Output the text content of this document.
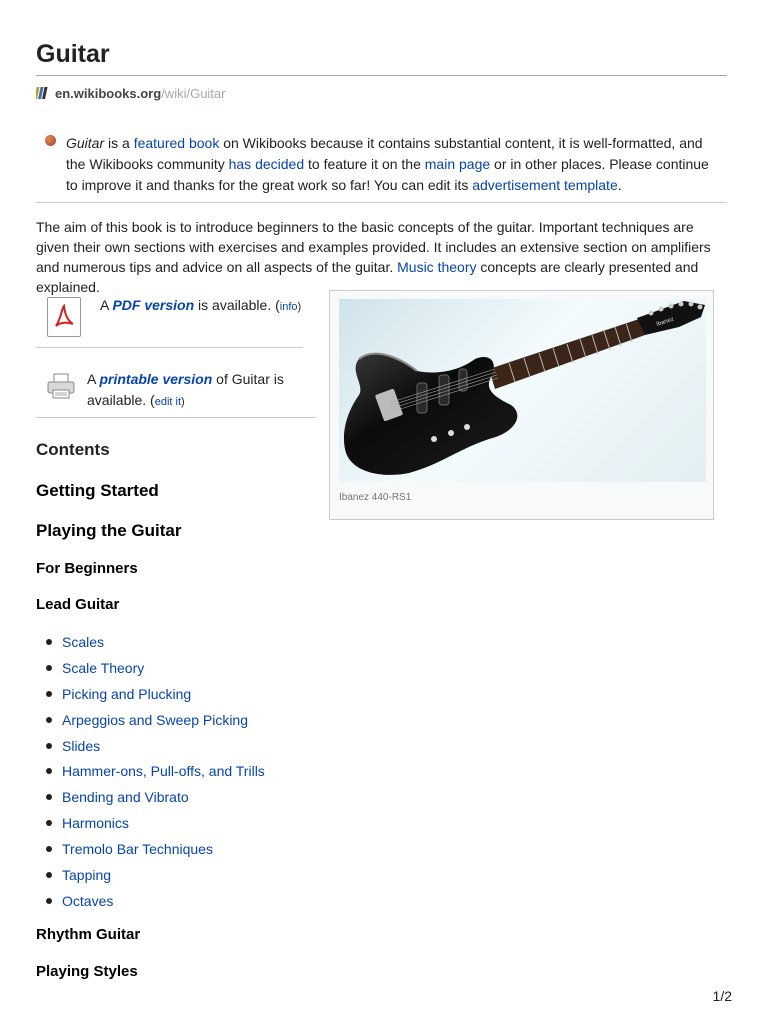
Guitar
en.wikibooks.org /wiki/Guitar
Guitar is a featured book on Wikibooks because it contains substantial content, it is well-formatted, and the Wikibooks community has decided to feature it on the main page or in other places. Please continue to improve it and thanks for the great work so far! You can edit its advertisement template.
The aim of this book is to introduce beginners to the basic concepts of the guitar. Important techniques are given their own sections with exercises and examples provided. It includes an extensive section on amplifiers and numerous tips and advice on all aspects of the guitar. Music theory concepts are clearly presented and explained.
A PDF version is available. (info)
A printable version of Guitar is available. (edit it)
Ibanez
Ibanez 440-RS1
Contents
Getting Started
Playing the Guitar
For Beginners
Lead Guitar
Scales
Scale Theory
Picking and Plucking
Arpeggios and Sweep Picking
Slides
Hammer-ons, Pull-offs, and Trills
Bending and Vibrato
Harmonics
Tremolo Bar Techniques
Tapping
Octaves
Rhythm Guitar
Playing Styles
1/2
